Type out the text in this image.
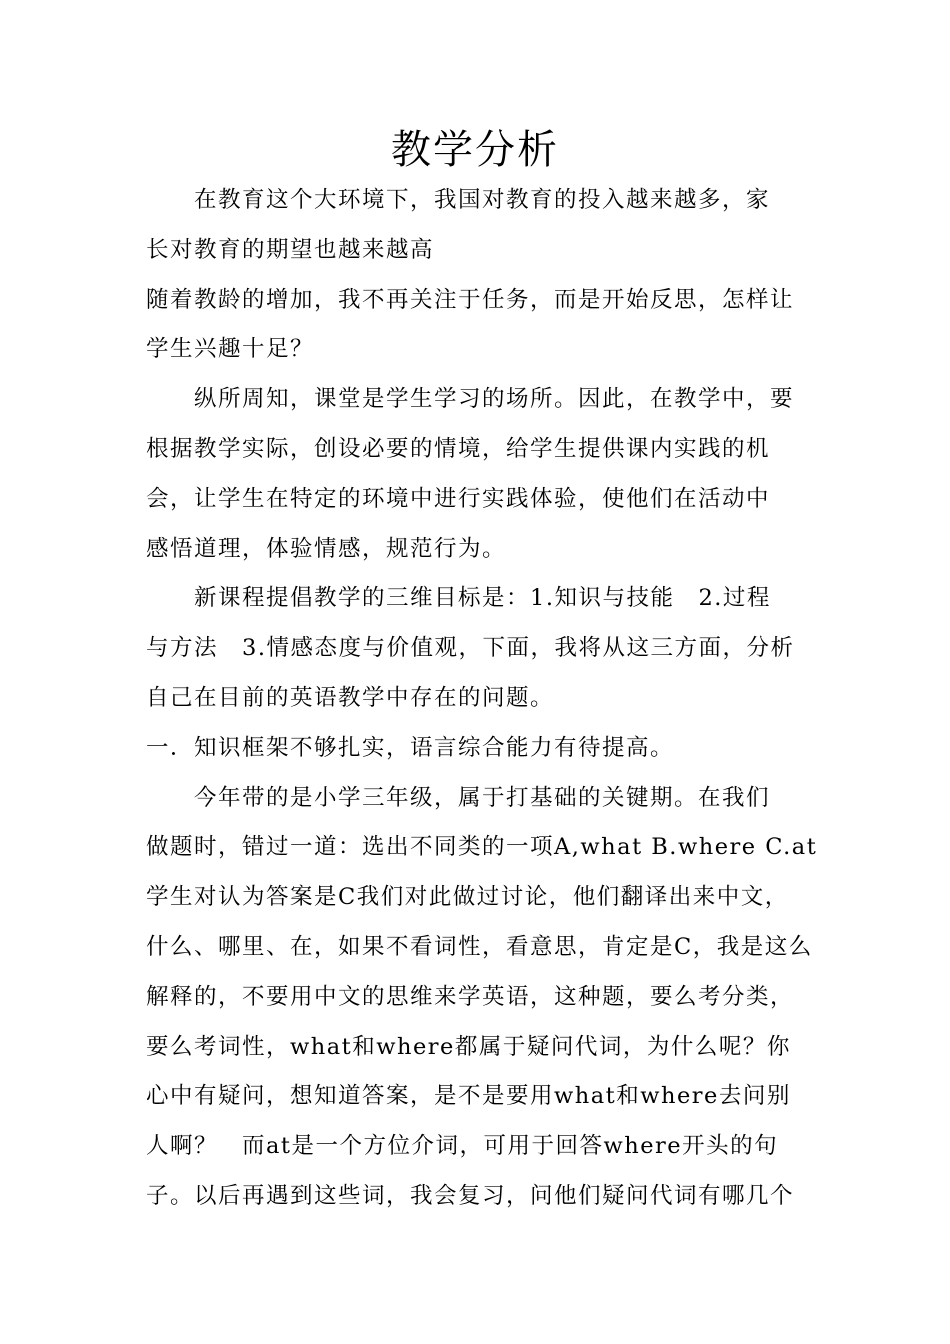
教学分析
　　在教育这个大环境下，我国对教育的投入越来越多，家
长对教育的期望也越来越高
随着教龄的增加，我不再关注于任务，而是开始反思，怎样让
学生兴趣十足？
　　纵所周知，课堂是学生学习的场所。因此，在教学中，要
根据教学实际，创设必要的情境，给学生提供课内实践的机
会，让学生在特定的环境中进行实践体验，使他们在活动中
感悟道理，体验情感，规范行为。
　　新课程提倡教学的三维目标是：1.知识与技能　2.过程
与方法　3.情感态度与价值观，下面，我将从这三方面，分析
自己在目前的英语教学中存在的问题。
一．知识框架不够扎实，语言综合能力有待提高。
　　今年带的是小学三年级，属于打基础的关键期。在我们
做题时，错过一道：选出不同类的一项A,what B.where C.at
学生对认为答案是C我们对此做过讨论，他们翻译出来中文，
什么、哪里、在，如果不看词性，看意思，肯定是C，我是这么
解释的，不要用中文的思维来学英语，这种题，要么考分类，
要么考词性，what和where都属于疑问代词，为什么呢？你
心中有疑问，想知道答案，是不是要用what和where去问别
人啊？　而at是一个方位介词，可用于回答where开头的句
子。以后再遇到这些词，我会复习，问他们疑问代词有哪几个
